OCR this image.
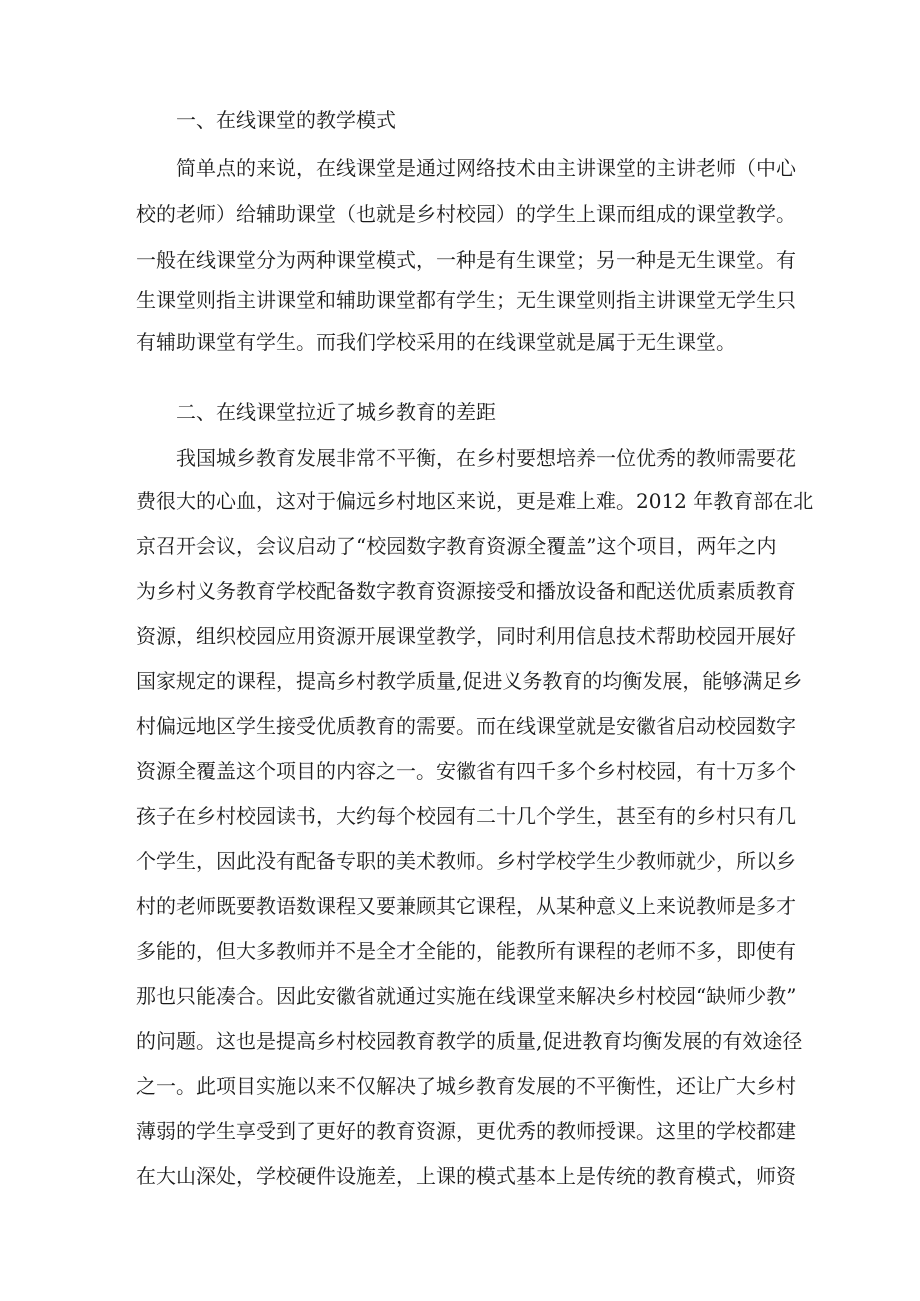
一、在线课堂的教学模式
简单点的来说，在线课堂是通过网络技术由主讲课堂的主讲老师（中心
校的老师）给辅助课堂（也就是乡村校园）的学生上课而组成的课堂教学。
一般在线课堂分为两种课堂模式，一种是有生课堂；另一种是无生课堂。有
生课堂则指主讲课堂和辅助课堂都有学生；无生课堂则指主讲课堂无学生只
有辅助课堂有学生。而我们学校采用的在线课堂就是属于无生课堂。
二、在线课堂拉近了城乡教育的差距
我国城乡教育发展非常不平衡，在乡村要想培养一位优秀的教师需要花
费很大的心血，这对于偏远乡村地区来说，更是难上难。2012 年教育部在北
京召开会议，会议启动了“校园数字教育资源全覆盖”这个项目，两年之内
为乡村义务教育学校配备数字教育资源接受和播放设备和配送优质素质教育
资源，组织校园应用资源开展课堂教学，同时利用信息技术帮助校园开展好
国家规定的课程，提高乡村教学质量,促进义务教育的均衡发展，能够满足乡
村偏远地区学生接受优质教育的需要。而在线课堂就是安徽省启动校园数字
资源全覆盖这个项目的内容之一。安徽省有四千多个乡村校园，有十万多个
孩子在乡村校园读书，大约每个校园有二十几个学生，甚至有的乡村只有几
个学生，因此没有配备专职的美术教师。乡村学校学生少教师就少，所以乡
村的老师既要教语数课程又要兼顾其它课程，从某种意义上来说教师是多才
多能的，但大多教师并不是全才全能的，能教所有课程的老师不多，即使有
那也只能凑合。因此安徽省就通过实施在线课堂来解决乡村校园“缺师少教”
的问题。这也是提高乡村校园教育教学的质量,促进教育均衡发展的有效途径
之一。此项目实施以来不仅解决了城乡教育发展的不平衡性，还让广大乡村
薄弱的学生享受到了更好的教育资源，更优秀的教师授课。这里的学校都建
在大山深处，学校硬件设施差，上课的模式基本上是传统的教育模式，师资
